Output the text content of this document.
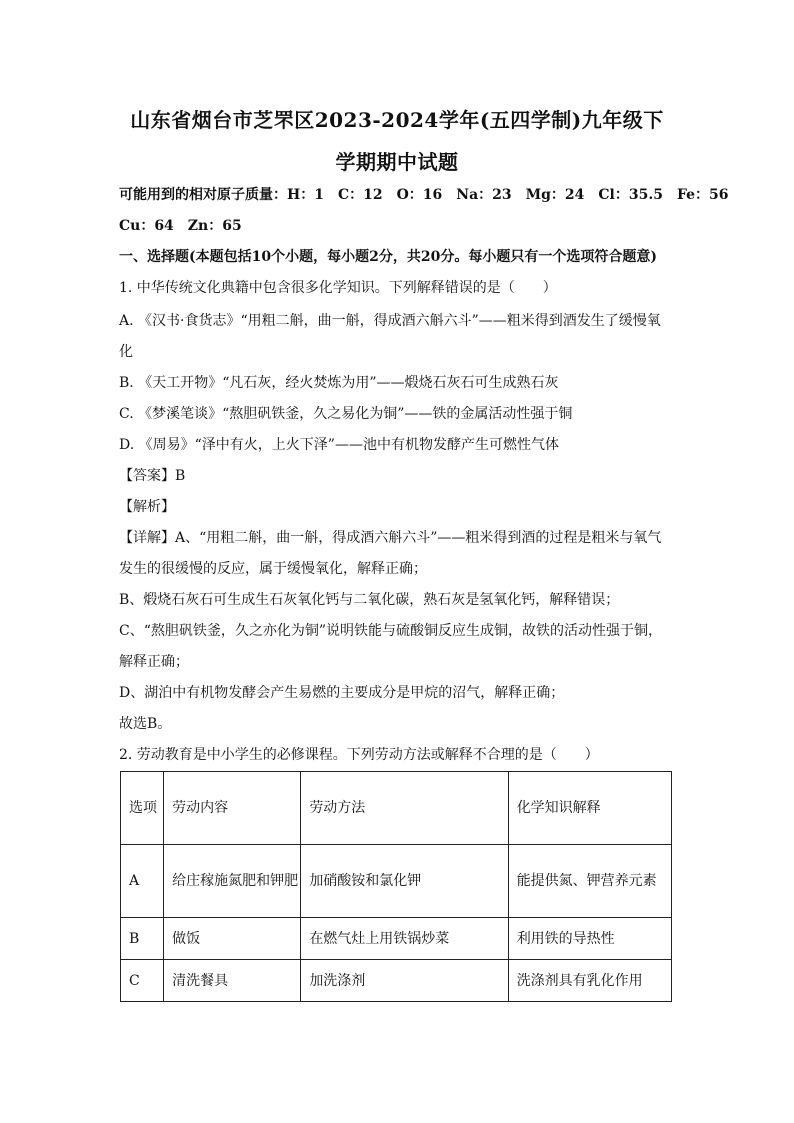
山东省烟台市芝罘区2023-2024学年(五四学制)九年级下
学期期中试题
可能用到的相对原子质量：H：1　C：12　O：16　Na：23　Mg：24　Cl：35.5　Fe：56
Cu：64　Zn：65
一、选择题(本题包括10个小题，每小题2分，共20分。每小题只有一个选项符合题意)
1. 中华传统文化典籍中包含很多化学知识。下列解释错误的是（　　）
A. 《汉书·食货志》“用粗二斛，曲一斛，得成酒六斛六斗”——粗米得到酒发生了缓慢氧
化
B. 《天工开物》“凡石灰，经火焚炼为用”——煅烧石灰石可生成熟石灰
C. 《梦溪笔谈》“熬胆矾铁釜，久之易化为铜”——铁的金属活动性强于铜
D. 《周易》“泽中有火，上火下泽”——池中有机物发酵产生可燃性气体
【答案】B
【解析】
【详解】A、“用粗二斛，曲一斛，得成酒六斛六斗”——粗米得到酒的过程是粗米与氧气
发生的很缓慢的反应，属于缓慢氧化，解释正确；
B、煅烧石灰石可生成生石灰氧化钙与二氧化碳，熟石灰是氢氧化钙，解释错误；
C、“熬胆矾铁釜，久之亦化为铜”说明铁能与硫酸铜反应生成铜，故铁的活动性强于铜，
解释正确；
D、湖泊中有机物发酵会产生易燃的主要成分是甲烷的沼气，解释正确；
故选B。
2. 劳动教育是中小学生的必修课程。下列劳动方法或解释不合理的是（　　）
选项	劳动内容	劳动方法	化学知识解释
A	给庄稼施氮肥和钾肥	加硝酸铵和氯化钾	能提供氮、钾营养元素
B	做饭	在燃气灶上用铁锅炒菜	利用铁的导热性
C	清洗餐具	加洗涤剂	洗涤剂具有乳化作用
